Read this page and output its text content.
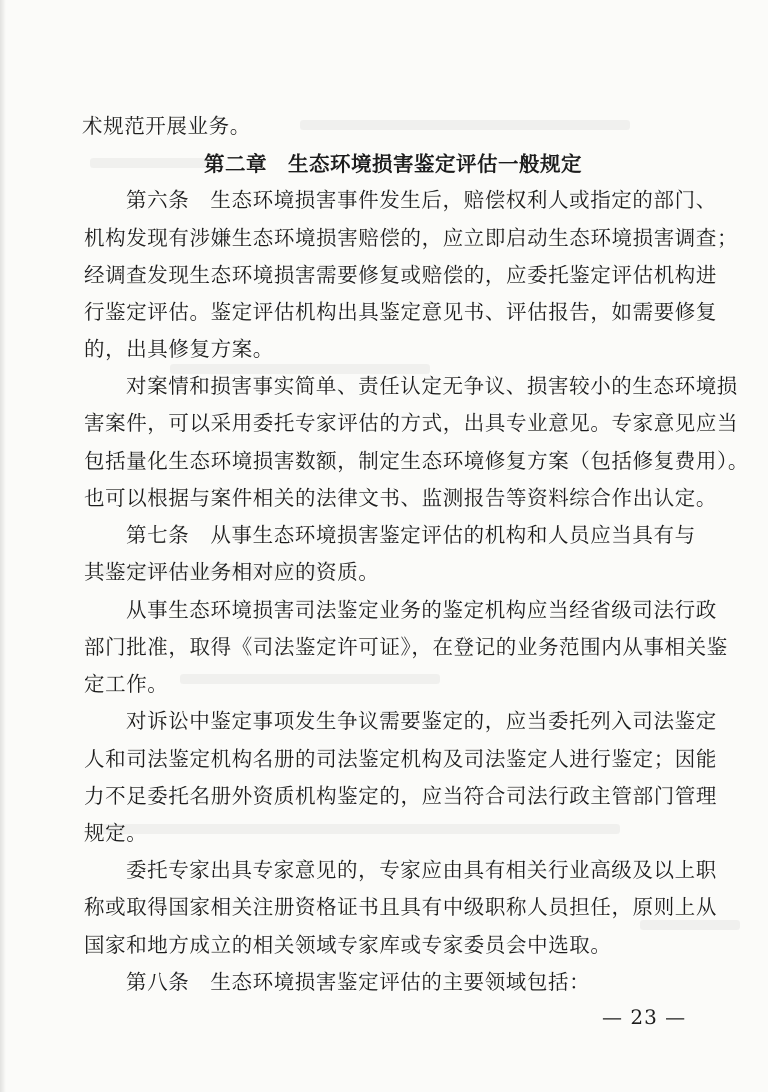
术规范开展业务。
第二章　生态环境损害鉴定评估一般规定
第六条　生态环境损害事件发生后，赔偿权利人或指定的部门、
机构发现有涉嫌生态环境损害赔偿的，应立即启动生态环境损害调查；
经调查发现生态环境损害需要修复或赔偿的，应委托鉴定评估机构进
行鉴定评估。鉴定评估机构出具鉴定意见书、评估报告，如需要修复
的，出具修复方案。
对案情和损害事实简单、责任认定无争议、损害较小的生态环境损
害案件，可以采用委托专家评估的方式，出具专业意见。专家意见应当
包括量化生态环境损害数额，制定生态环境修复方案（包括修复费用）。
也可以根据与案件相关的法律文书、监测报告等资料综合作出认定。
第七条　从事生态环境损害鉴定评估的机构和人员应当具有与
其鉴定评估业务相对应的资质。
从事生态环境损害司法鉴定业务的鉴定机构应当经省级司法行政
部门批准，取得《司法鉴定许可证》，在登记的业务范围内从事相关鉴
定工作。
对诉讼中鉴定事项发生争议需要鉴定的，应当委托列入司法鉴定
人和司法鉴定机构名册的司法鉴定机构及司法鉴定人进行鉴定；因能
力不足委托名册外资质机构鉴定的，应当符合司法行政主管部门管理
规定。
委托专家出具专家意见的，专家应由具有相关行业高级及以上职
称或取得国家相关注册资格证书且具有中级职称人员担任，原则上从
国家和地方成立的相关领域专家库或专家委员会中选取。
第八条　生态环境损害鉴定评估的主要领域包括：
— 23 —
